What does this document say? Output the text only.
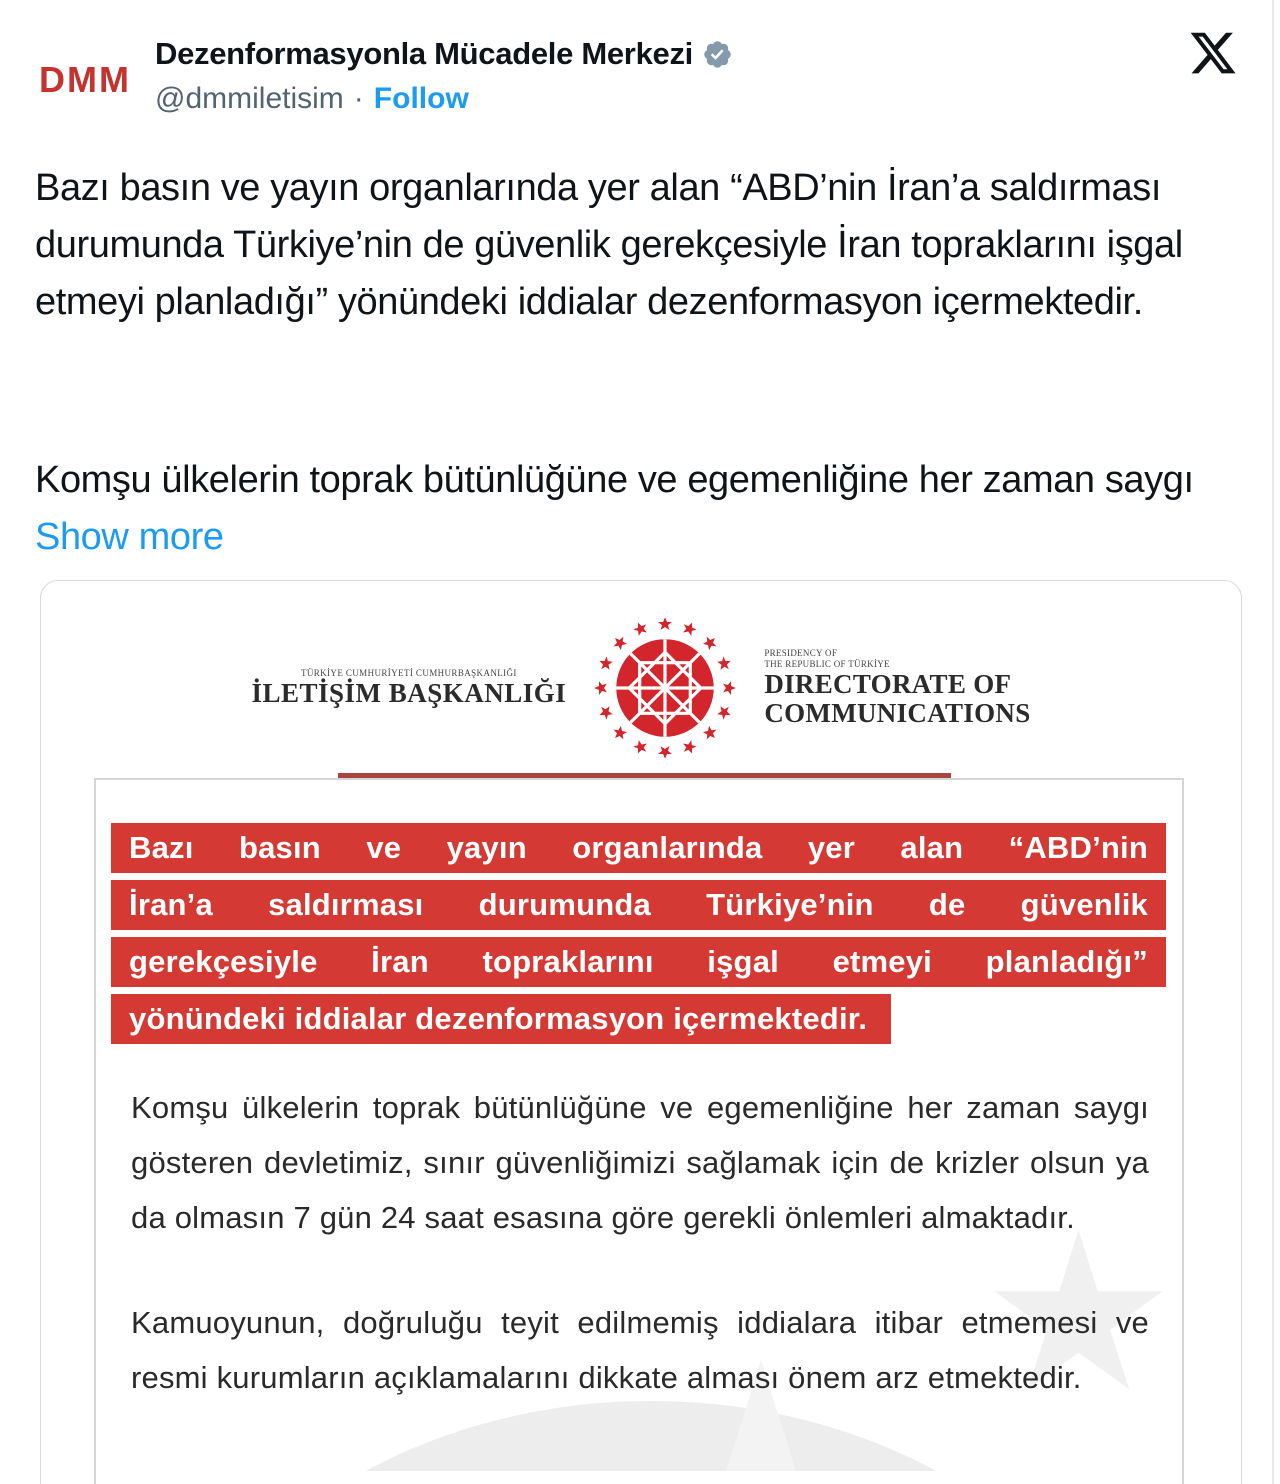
DMM
Dezenformasyonla Mücadele Merkezi
@dmmiletisim · Follow
Bazı basın ve yayın organlarında yer alan “ABD’nin İran’a saldırması durumunda Türkiye’nin de güvenlik gerekçesiyle İran topraklarını işgal etmeyi planladığı” yönündeki iddialar dezenformasyon içermektedir.
Komşu ülkelerin toprak bütünlüğüne ve egemenliğine her zaman saygı Show more
TÜRKİYE CUMHURİYETİ CUMHURBAŞKANLIĞI
İLETİŞİM BAŞKANLIĞI
PRESIDENCY OF
THE REPUBLIC OF TÜRKİYE
DIRECTORATE OF
COMMUNICATIONS
Bazı basın ve yayın organlarında yer alan “ABD’nin
İran’a saldırması durumunda Türkiye’nin de güvenlik
gerekçesiyle İran topraklarını işgal etmeyi planladığı”
yönündeki iddialar dezenformasyon içermektedir.
Komşu ülkelerin toprak bütünlüğüne ve egemenliğine her zaman saygı gösteren devletimiz, sınır güvenliğimizi sağlamak için de krizler olsun ya da olmasın 7 gün 24 saat esasına göre gerekli önlemleri almaktadır.
Kamuoyunun, doğruluğu teyit edilmemiş iddialara itibar etmemesi ve resmi kurumların açıklamalarını dikkate alması önem arz etmektedir.
